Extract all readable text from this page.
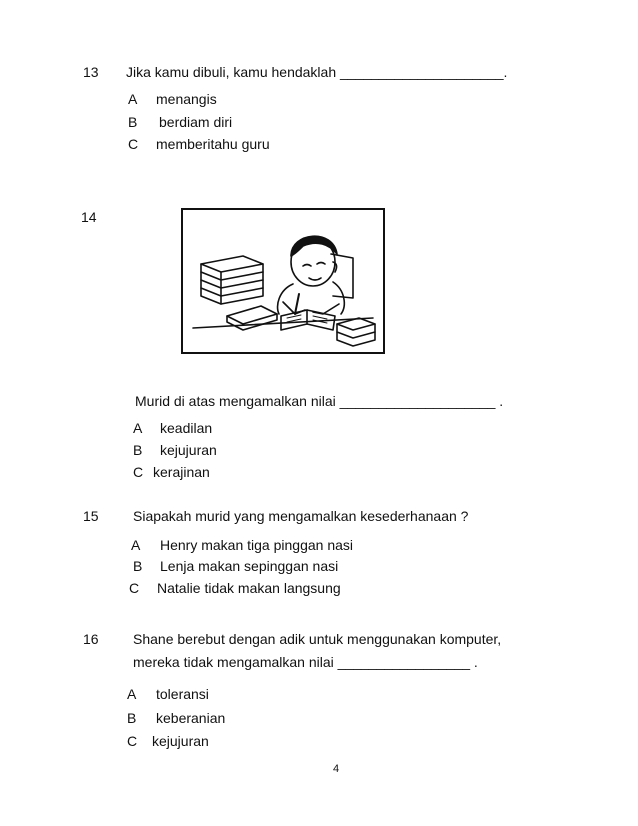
13 Jika kamu dibuli, kamu hendaklah _____________________.
A menangis
B berdiam diri
C memberitahu guru
14
Murid di atas mengamalkan nilai ____________________ .
A keadilan
B kejujuran
C kerajinan
15 Siapakah murid yang mengamalkan kesederhanaan ?
A Henry makan tiga pinggan nasi
B Lenja makan sepinggan nasi
C Natalie tidak makan langsung
16 Shane berebut dengan adik untuk menggunakan komputer,
mereka tidak mengamalkan nilai _________________ .
A toleransi
B keberanian
C kejujuran
4
